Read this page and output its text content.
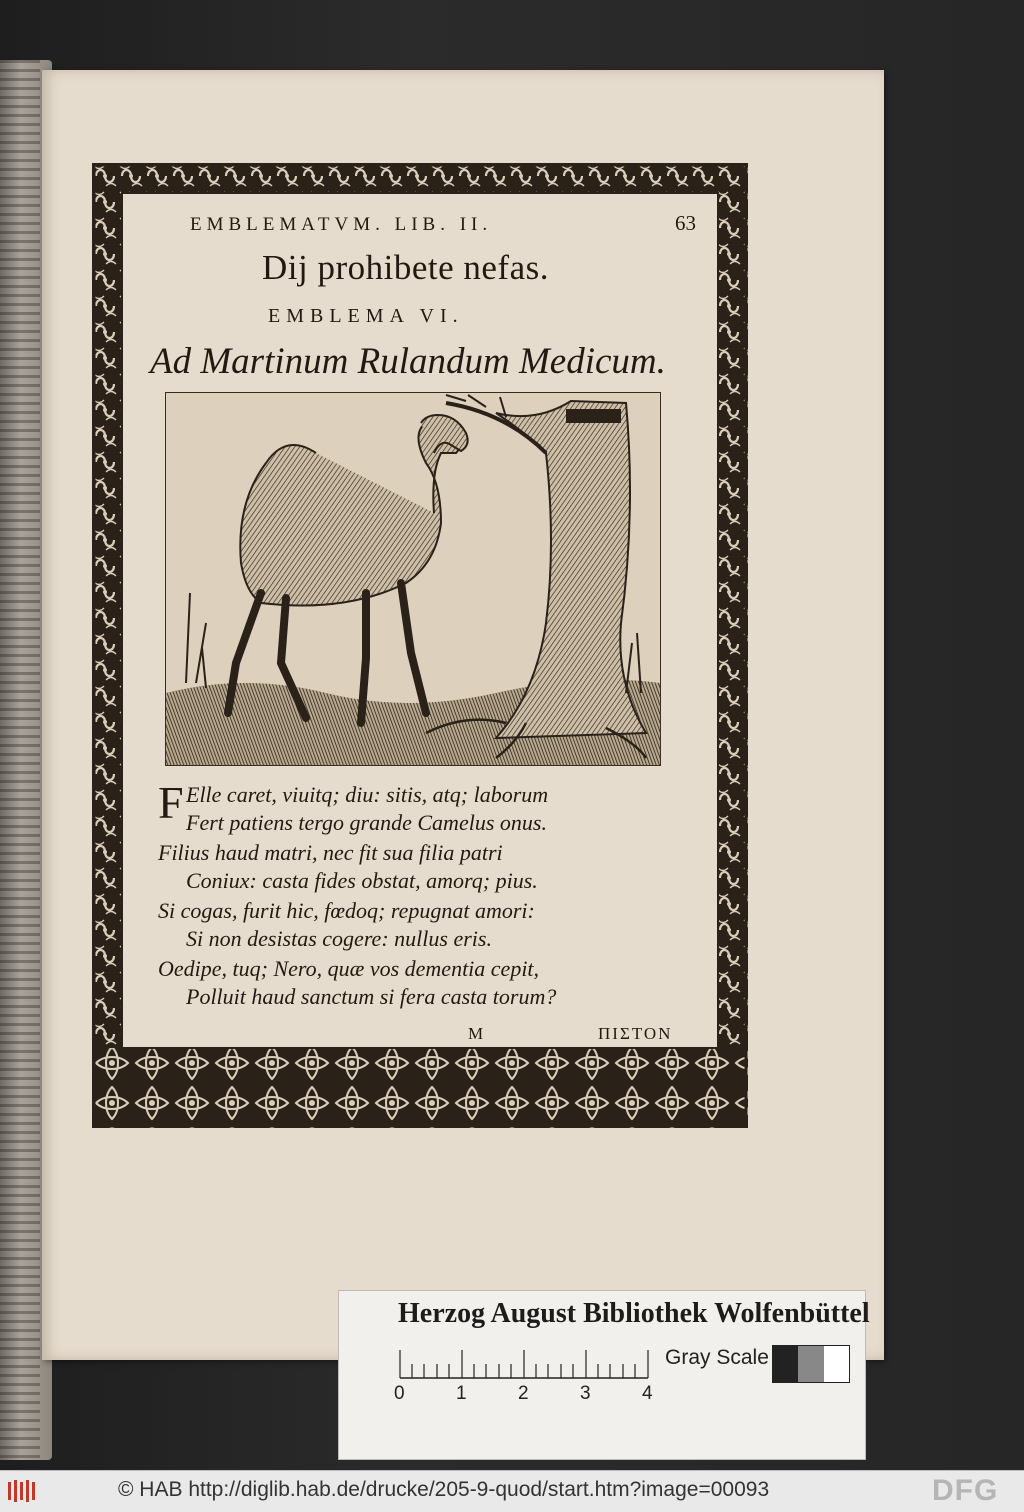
EMBLEMATVM. LIB. II.	63
Dij prohibete nefas.
EMBLEMA VI.
Ad Martinum Rulandum Medicum.
F Elle caret, viuitq; diu: sitis, atq; laborum
Fert patiens tergo grande Camelus onus.
Filius haud matri, nec fit sua filia patri
Coniux: casta fides obstat, amorq; pius.
Si cogas, furit hic, fœdoq; repugnat amori:
Si non desistas cogere: nullus eris.
Oedipe, tuq; Nero, quæ vos dementia cepit,
Polluit haud sanctum si fera casta torum?
M	ΠΙΣΤΟΝ
Herzog August Bibliothek Wolfenbüttel
0	1	2	3	4
Gray Scale
© HAB http://diglib.hab.de/drucke/205-9-quod/start.htm?image=00093	DFG
